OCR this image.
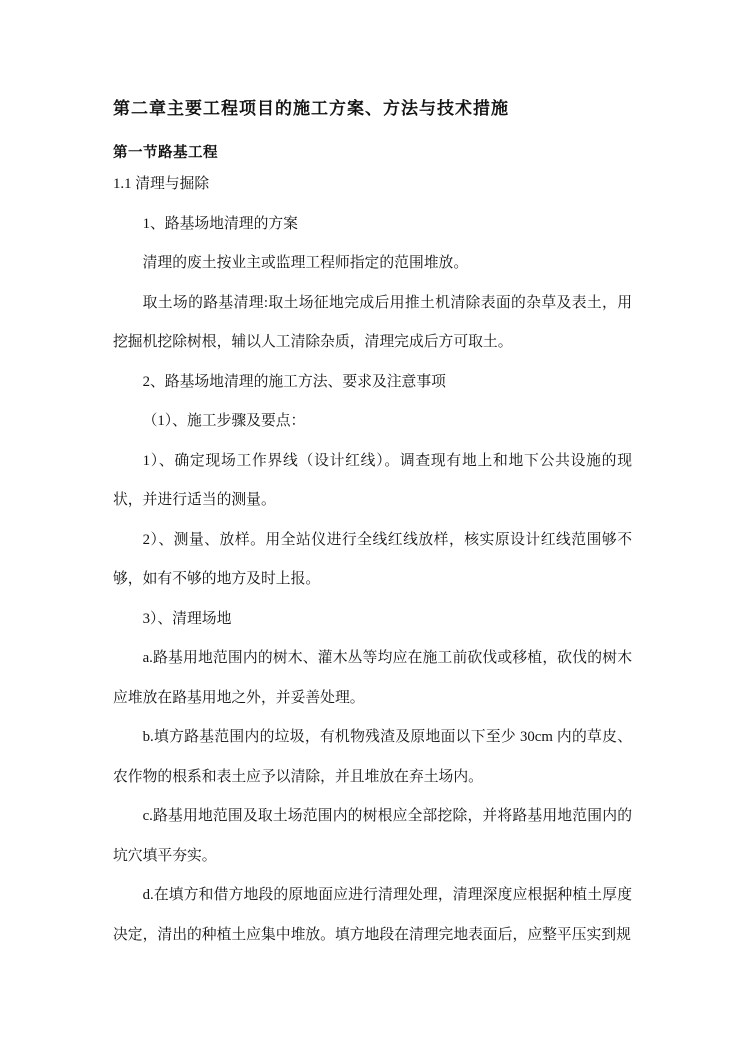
第二章主要工程项目的施工方案、方法与技术措施
第一节路基工程

1.1 清理与掘除

1、路基场地清理的方案

清理的废土按业主或监理工程师指定的范围堆放。

取土场的路基清理:取土场征地完成后用推土机清除表面的杂草及表土，用挖掘机挖除树根，辅以人工清除杂质，清理完成后方可取土。

2、路基场地清理的施工方法、要求及注意事项

（1）、施工步骤及要点：

1）、确定现场工作界线（设计红线）。调查现有地上和地下公共设施的现状，并进行适当的测量。

2）、测量、放样。用全站仪进行全线红线放样，核实原设计红线范围够不够，如有不够的地方及时上报。

3）、清理场地

a.路基用地范围内的树木、灌木丛等均应在施工前砍伐或移植，砍伐的树木应堆放在路基用地之外，并妥善处理。

b.填方路基范围内的垃圾，有机物残渣及原地面以下至少 30cm 内的草皮、农作物的根系和表土应予以清除，并且堆放在弃土场内。

c.路基用地范围及取土场范围内的树根应全部挖除，并将路基用地范围内的坑穴填平夯实。

d.在填方和借方地段的原地面应进行清理处理，清理深度应根据种植土厚度决定，清出的种植土应集中堆放。填方地段在清理完地表面后，应整平压实到规
